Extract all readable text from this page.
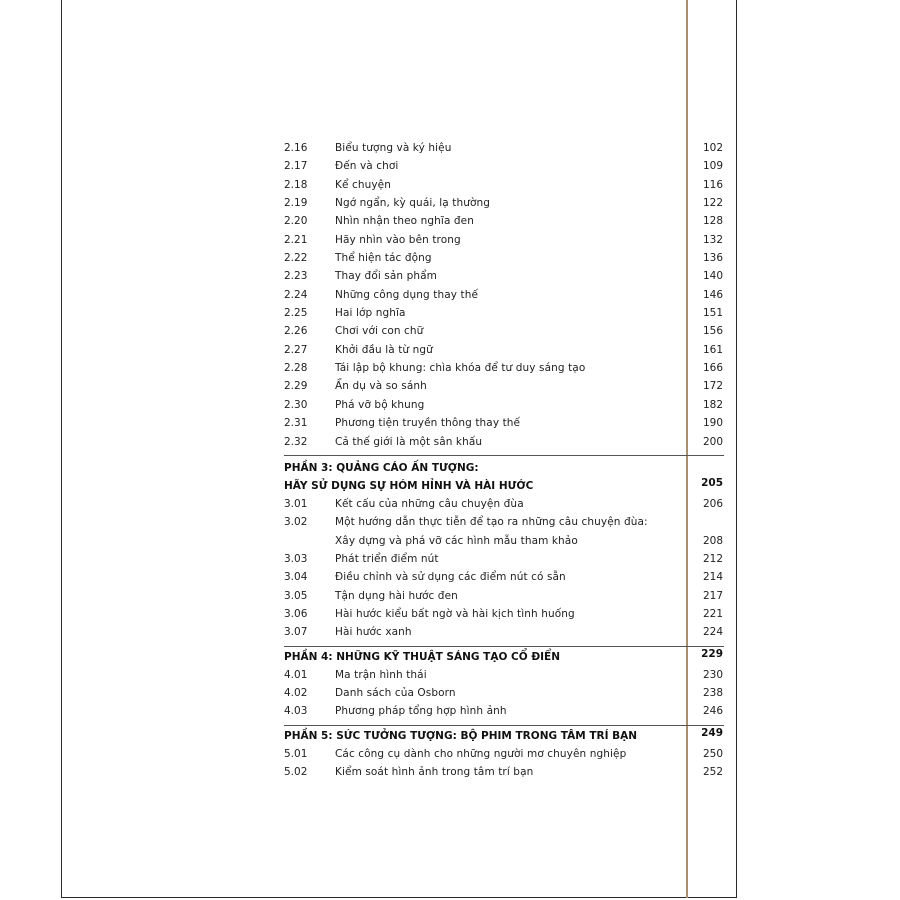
2.16	Biểu tượng và ký hiệu	102
2.17	Đến và chơi	109
2.18	Kể chuyện	116
2.19	Ngớ ngẩn, kỳ quái, lạ thường	122
2.20	Nhìn nhận theo nghĩa đen	128
2.21	Hãy nhìn vào bên trong	132
2.22	Thể hiện tác động	136
2.23	Thay đổi sản phẩm	140
2.24	Những công dụng thay thế	146
2.25	Hai lớp nghĩa	151
2.26	Chơi với con chữ	156
2.27	Khởi đầu là từ ngữ	161
2.28	Tái lập bộ khung: chìa khóa để tư duy sáng tạo	166
2.29	Ẩn dụ và so sánh	172
2.30	Phá vỡ bộ khung	182
2.31	Phương tiện truyền thông thay thế	190
2.32	Cả thế giới là một sân khấu	200
PHẦN 3: QUẢNG CÁO ẤN TƯỢNG:
HÃY SỬ DỤNG SỰ HÓM HỈNH VÀ HÀI HƯỚC	205
3.01	Kết cấu của những câu chuyện đùa	206
3.02	Một hướng dẫn thực tiễn để tạo ra những câu chuyện đùa:
Xây dựng và phá vỡ các hình mẫu tham khảo	208
3.03	Phát triển điểm nút	212
3.04	Điều chỉnh và sử dụng các điểm nút có sẵn	214
3.05	Tận dụng hài hước đen	217
3.06	Hài hước kiểu bất ngờ và hài kịch tình huống	221
3.07	Hài hước xanh	224
PHẦN 4: NHỮNG KỸ THUẬT SÁNG TẠO CỔ ĐIỂN	229
4.01	Ma trận hình thái	230
4.02	Danh sách của Osborn	238
4.03	Phương pháp tổng hợp hình ảnh	246
PHẦN 5: SỨC TƯỞNG TƯỢNG: BỘ PHIM TRONG TÂM TRÍ BẠN	249
5.01	Các công cụ dành cho những người mơ chuyên nghiệp	250
5.02	Kiểm soát hình ảnh trong tâm trí bạn	252
